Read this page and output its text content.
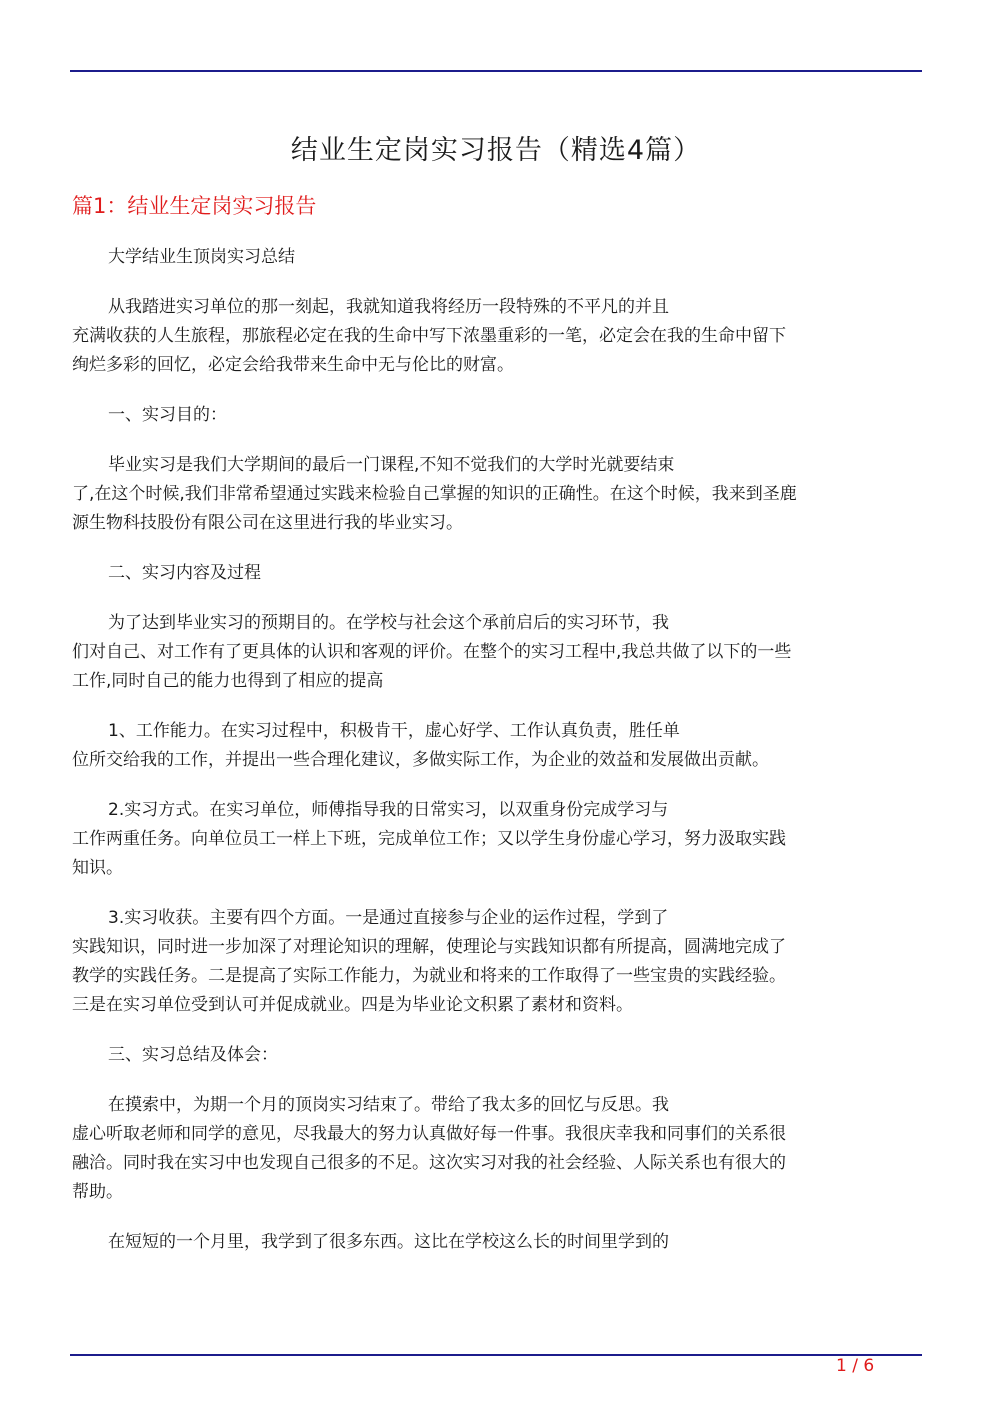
结业生定岗实习报告（精选4篇）
篇1：结业生定岗实习报告
大学结业生顶岗实习总结
从我踏进实习单位的那一刻起，我就知道我将经历一段特殊的不平凡的并且
充满收获的人生旅程，那旅程必定在我的生命中写下浓墨重彩的一笔，必定会在我的生命中留下
绚烂多彩的回忆，必定会给我带来生命中无与伦比的财富。
一、实习目的：
毕业实习是我们大学期间的最后一门课程,不知不觉我们的大学时光就要结束
了,在这个时候,我们非常希望通过实践来检验自己掌握的知识的正确性。在这个时候，我来到圣鹿
源生物科技股份有限公司在这里进行我的毕业实习。
二、实习内容及过程
为了达到毕业实习的预期目的。在学校与社会这个承前启后的实习环节，我
们对自己、对工作有了更具体的认识和客观的评价。在整个的实习工程中,我总共做了以下的一些
工作,同时自己的能力也得到了相应的提高
1、工作能力。在实习过程中，积极肯干，虚心好学、工作认真负责，胜任单
位所交给我的工作，并提出一些合理化建议，多做实际工作，为企业的效益和发展做出贡献。
2.实习方式。在实习单位，师傅指导我的日常实习，以双重身份完成学习与
工作两重任务。向单位员工一样上下班，完成单位工作；又以学生身份虚心学习，努力汲取实践
知识。
3.实习收获。主要有四个方面。一是通过直接参与企业的运作过程，学到了
实践知识，同时进一步加深了对理论知识的理解，使理论与实践知识都有所提高，圆满地完成了
教学的实践任务。二是提高了实际工作能力，为就业和将来的工作取得了一些宝贵的实践经验。
三是在实习单位受到认可并促成就业。四是为毕业论文积累了素材和资料。
三、实习总结及体会：
在摸索中，为期一个月的顶岗实习结束了。带给了我太多的回忆与反思。我
虚心听取老师和同学的意见，尽我最大的努力认真做好每一件事。我很庆幸我和同事们的关系很
融洽。同时我在实习中也发现自己很多的不足。这次实习对我的社会经验、人际关系也有很大的
帮助。
在短短的一个月里，我学到了很多东西。这比在学校这么长的时间里学到的
1 / 6
